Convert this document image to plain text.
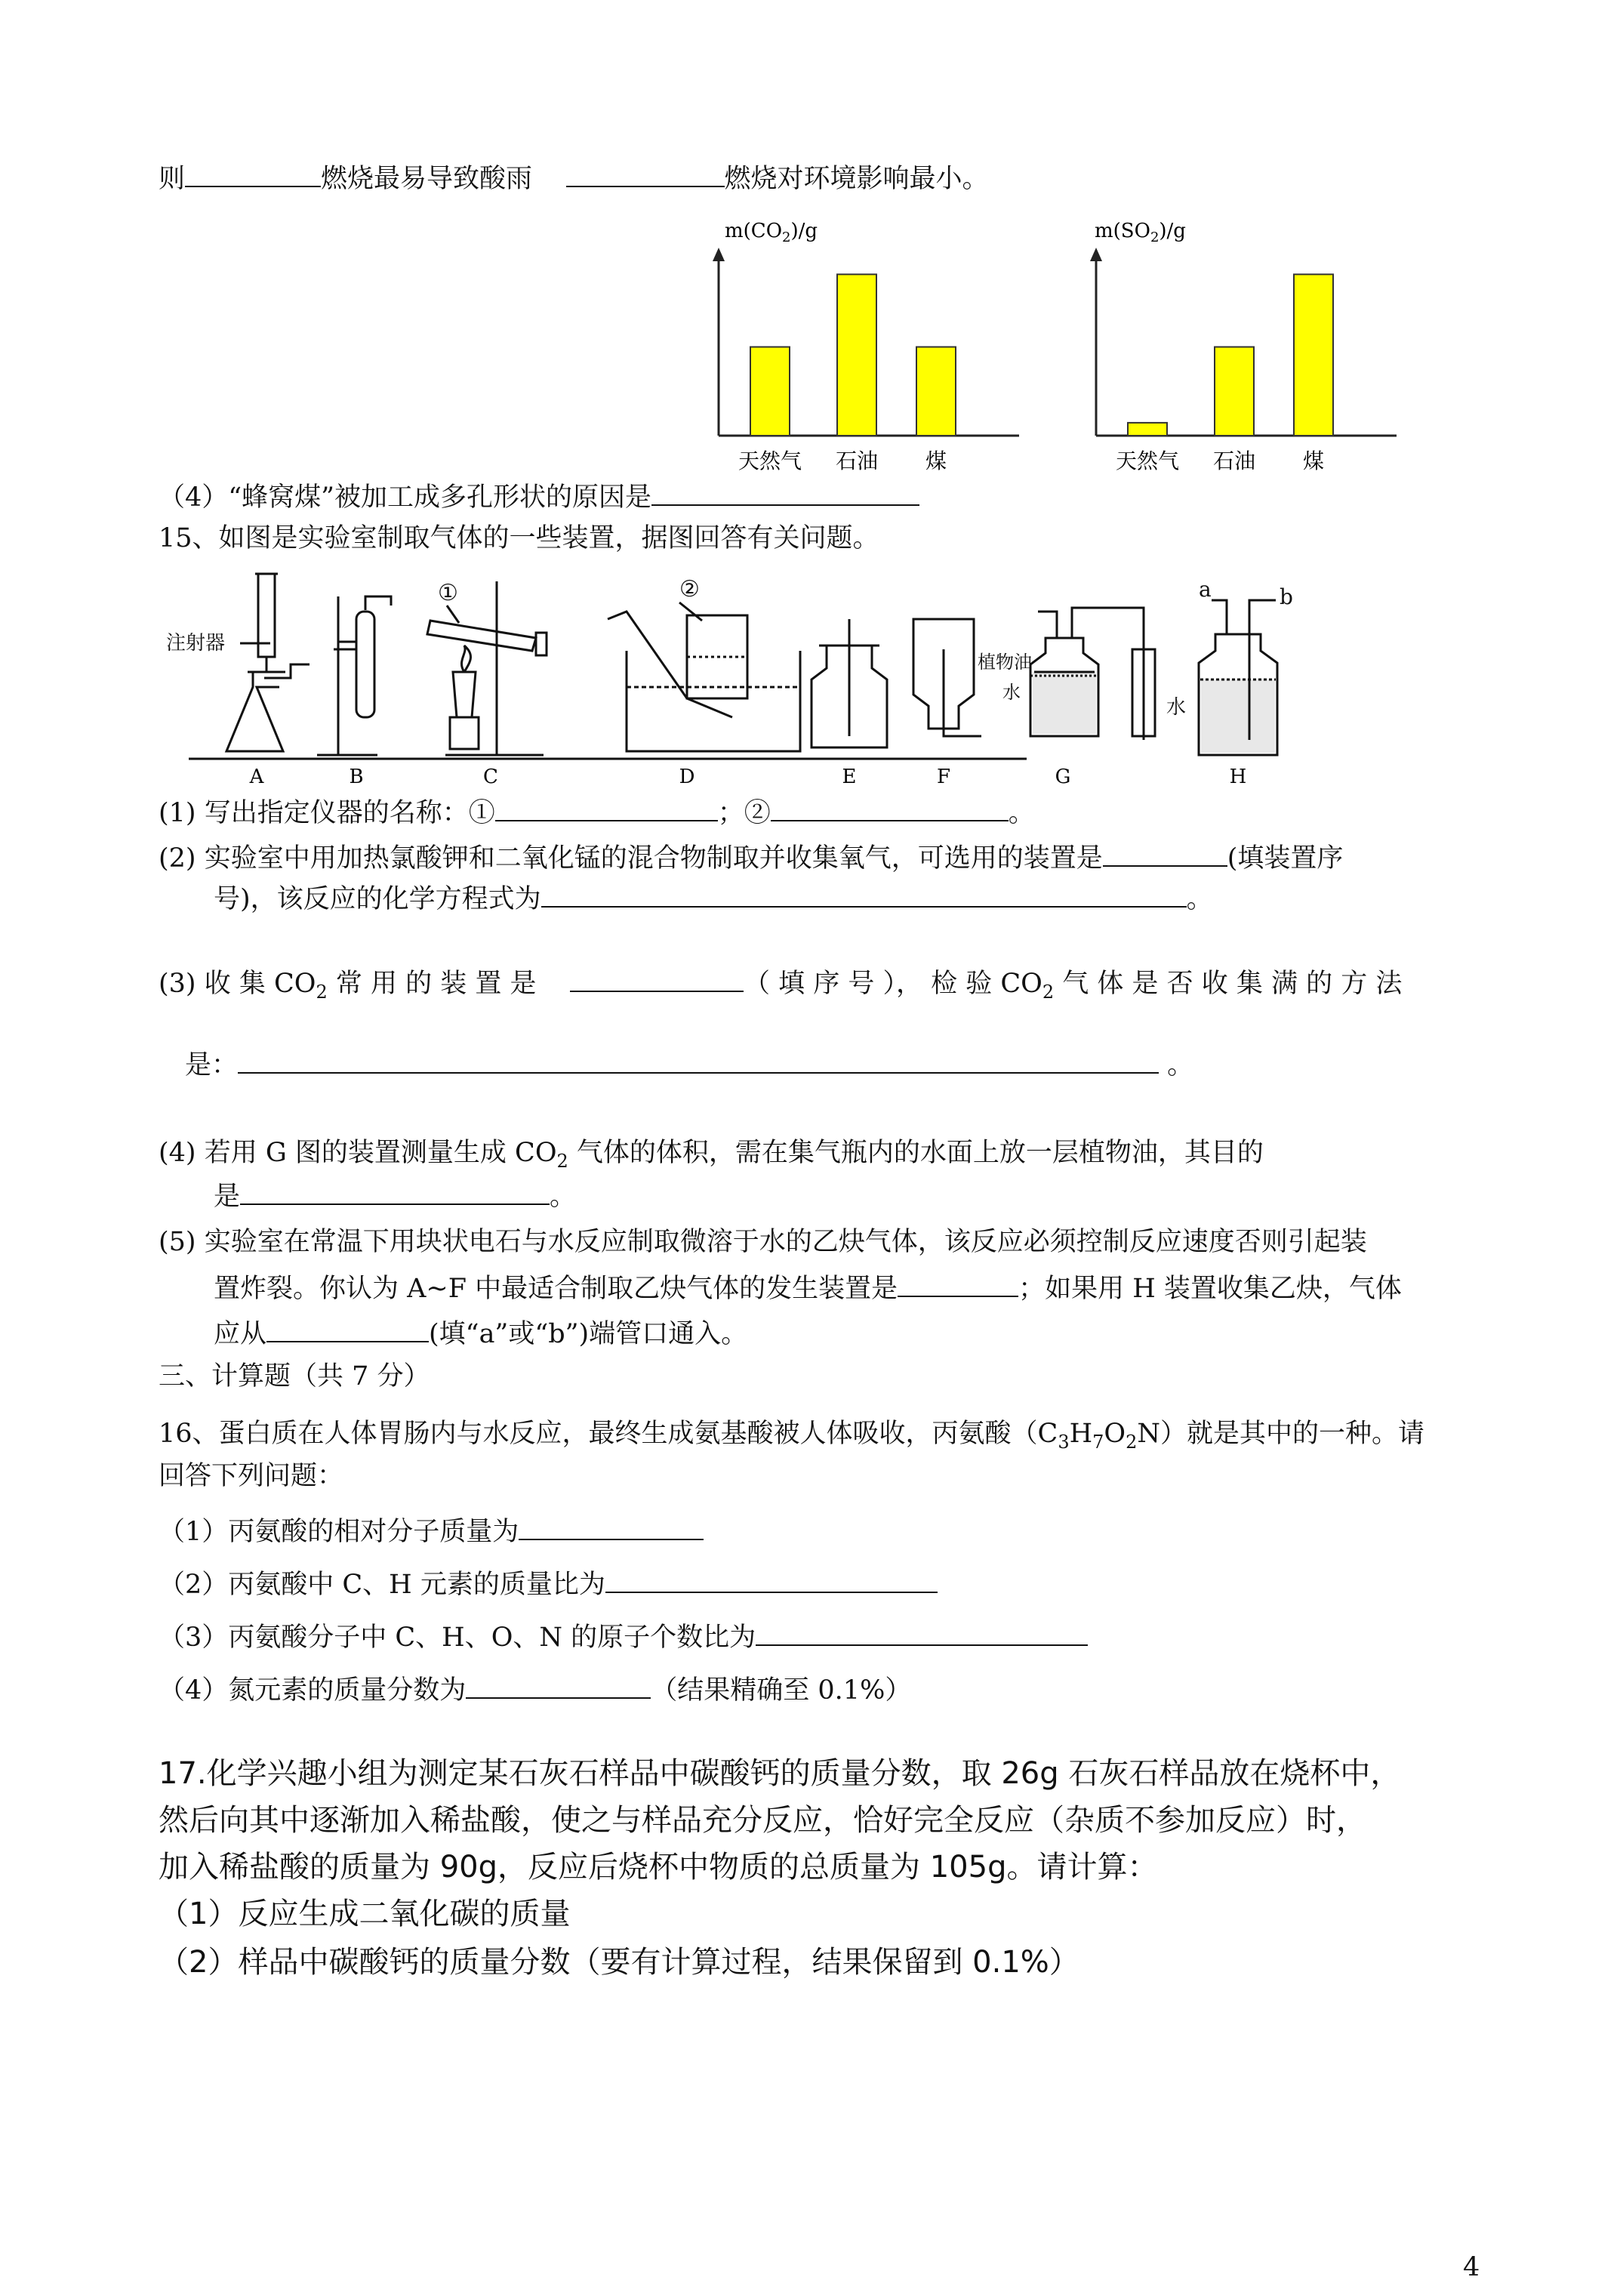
则	燃烧最易导致酸雨	燃烧对环境影响最小。
$m(CO_2)/g$
天然气 石油 煤
$m(SO_2)/g$
天然气 石油 煤
（4）“蜂窝煤”被加工成多孔形状的原因是
15、如图是实验室制取气体的一些装置，据图回答有关问题。
注射器
①	②
植物油
水
a	b
水
A	B	C	D	E	F	G	H
(1) 写出指定仪器的名称：①	；②	。
(2) 实验室中用加热氯酸钾和二氧化锰的混合物制取并收集氧气，可选用的装置是	(填装置序
号)，该反应的化学方程式为	。
(3) 收 集 $CO_2$ 常 用 的 装 置 是	（ 填 序 号 ）， 检 验 $CO_2$ 气 体 是 否 收 集 满 的 方 法
是：	。
(4) 若用 G 图的装置测量生成 $CO_2$ 气体的体积，需在集气瓶内的水面上放一层植物油，其目的
是	。
(5) 实验室在常温下用块状电石与水反应制取微溶于水的乙炔气体，该反应必须控制反应速度否则引起装
置炸裂。你认为 A~F 中最适合制取乙炔气体的发生装置是	；如果用 H 装置收集乙炔，气体
应从	(填“a”或“b”)端管口通入。
三、计算题（共 7 分）
16、蛋白质在人体胃肠内与水反应，最终生成氨基酸被人体吸收，丙氨酸$(C_3H_7O_2N)$就是其中的一种。请
回答下列问题：
（1）丙氨酸的相对分子质量为
（2）丙氨酸中 C、H 元素的质量比为
（3）丙氨酸分子中 C、H、O、N 的原子个数比为
（4）氮元素的质量分数为	（结果精确至 0.1%）
17.化学兴趣小组为测定某石灰石样品中碳酸钙的质量分数，取 26g 石灰石样品放在烧杯中，
然后向其中逐渐加入稀盐酸，使之与样品充分反应，恰好完全反应（杂质不参加反应）时，
加入稀盐酸的质量为 90g，反应后烧杯中物质的总质量为 105g。请计算：
（1）反应生成二氧化碳的质量
（2）样品中碳酸钙的质量分数（要有计算过程，结果保留到 0.1%）
4
